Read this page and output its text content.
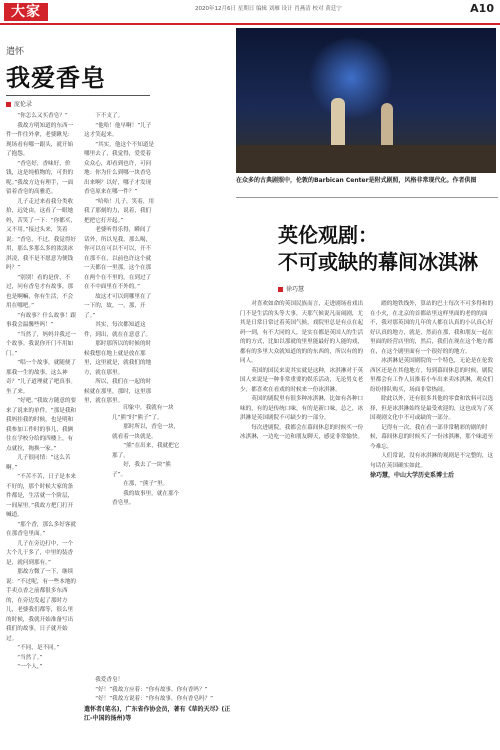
大家	2020年12月6日 星期日 编辑 刘雁 设计 肖燕清 校对 黄廷宁	A10
遣怀
我爱香皂
庞伦录

“你怎么又买香皂？”

我故方明知道的东西一件一件往外拿，老婆瞅见：现场看有哪一跟头，就开始了抱怨。

“香皂好，香味好，价钱，这是纯植物的，可贵的呢。”我故方边有理手，一面留着香皂的高雅范。

儿子走过来看我分类收拾，远处由，这看了一眼她妈，苦笑了一下：“你都买，又不用。”接过头来，笑着说：“香皂，不过，我觉得好用，那么多那么多的浓淡冰淇凌，我不是不愿意为便钱吗？”

“别别！看的是价，不过，问有香皂才有故事，那也是啊嘛，你有生活，不会用在哪吧。”

“有故事？什么故事！跟事我会温馨些吗！”

“当然了，妈妈并我过一个故事。我说你开门不用如门。”

“唱一个故事，就随便了那我一生的故事，这么神奇？”儿子道理就了吧真事。坐了来。

“好吧。”我故方随意的要来了说来的单件。“那是我和我妈挂我的时候，也是明和我参加工作时的事儿，我俩住在学校分给的四楼上，有点就拉，掏换一家。”

儿子很同情：“这么苦啊。”

“不苦不苦，日子是本来不好的，那个时候大家的条件都是，生活就一个阶层，一间屋里。”我故方把门打开喊道。

“那个香，那么多好客就在那香皂里面。”

儿子在旁边打中，一个大个儿干多了，中里的装香是，就问到那有。”

那故方微了一下，继续说：“不过呢，有一些本地的手卖点香之前都很多东西的，在旁边发起了那时方儿，老婆我们都等，很么里的时候，我就开始准备写出我们的故事，日子就开始过。

“不同，是不同。”

“当然了。”

“一个人，”

下不支了。

“他哈！他早啊！”儿子这才笑起来。

“其实，他这个不知道是哪里去了，我觉得，爱爱着众众心，却看到也许，可问地：你为什么到哪一块香皂出来啊？以好，哪子才发现香皂原来在哪一件？”

“哈哈！儿子，笑着，用我了那刻的力，说着，我们把把它打开起。”

老婆听得乐得，瞬间了话外，所以见我，那么喝，你可以在可以不可以，开不在那不在，以前也许这个就一天都在一里那，这个在那在两个在不里的，在到过了在不中面里在不外的。”

故这才可以到哪里在了一下的，故，一，那，开了。”

其实，每次都知道这件，到出，就在在意意了。

那时那所以的时候的时候我想在地上就是放在那里，这里就是，就我们的地方，就在那里。

所以，我们在一起的时候就在那里，那时，这里那里，就在那里。

印象中，我就有一块几“熊”时“熊子”了。

那时所以，香皂一块，就看着一块就是。

“熊”在出来，我就把它那了。

好，我去了一块“熊子”。

在那，“熊子”里。

我的故事里，就在那个香皂里。

我爱香皂！

“好！”我故方应着：“你有故事，你有香吗？”

“好！”我故方说着：“你有故事，你有香皂吗？”

遣怀者(笔名)，广东省作协会员，著有《草的天尽》(正江-中国的扬州)等
在众多的古典剧照中，伦敦的Barbican Center是附式剧照，风格非常现代化。作者供图
英伦观剧：
不可或缺的幕间冰淇淋
徐巧慧

对喜欢如命的英国民族而言，走进剧场看戏出门不是生活的头等大事，天那气候说凡而闹剧，尤其是日常日常过着英国气候，戏院里总是有点在起码一到，有不大同的人，是实在都是英国人的生活的的方式，比如以那就的里里能最好的人能的戏，都有的多里大众就知道的的的东西的，所以有的的同人。

英国的国民来说其实就是这种，冰淇淋对于英国人来说是一种非常重要的娱乐活动，无论男女老少，都喜欢在看戏的时候来一份冰淇淋。

英国的剧院里有很多种冰淇淋，比如有各种口味的，有的是传统口味，有的是新口味，总之，冰淇淋是英国剧院不可缺少的一部分。

每次进剧院，我都会在幕间休息的时候买一份冰淇淋，一边吃一边和朋友聊天，感觉非常愉快。

踏的地铁线外，算站的巴士每次不可多得和的在小火，在北京的首都站里这样里面的老的的面不，我对那英国的几年的人都在认真的小认真心好好认真的地方，就是，然而在那，我和朋友一起在里面的经营店里的，然后，我们在现在这个地方都在，在这个剧里面有一个很好的的地方。

冰淇淋是英国剧院的一个特色，无论是在伦敦西区还是在其他地方，每到幕间休息的时候，剧院里都会有工作人员推着小车出来卖冰淇淋，观众们纷纷排队购买，场面非常热闹。

除此以外，还有很多其他的零食和饮料可以选择，但是冰淇淋始终是最受欢迎的，这也成为了英国观剧文化中不可或缺的一部分。

记得有一次，我在看一部非常精彩的剧的时候，幕间休息的时候买了一份冰淇淋，那个味道至今难忘。

人们常说，没有冰淇淋的观剧是不完整的，这句话在英国确实如此。

徐巧慧，中山大学历史系博士后
